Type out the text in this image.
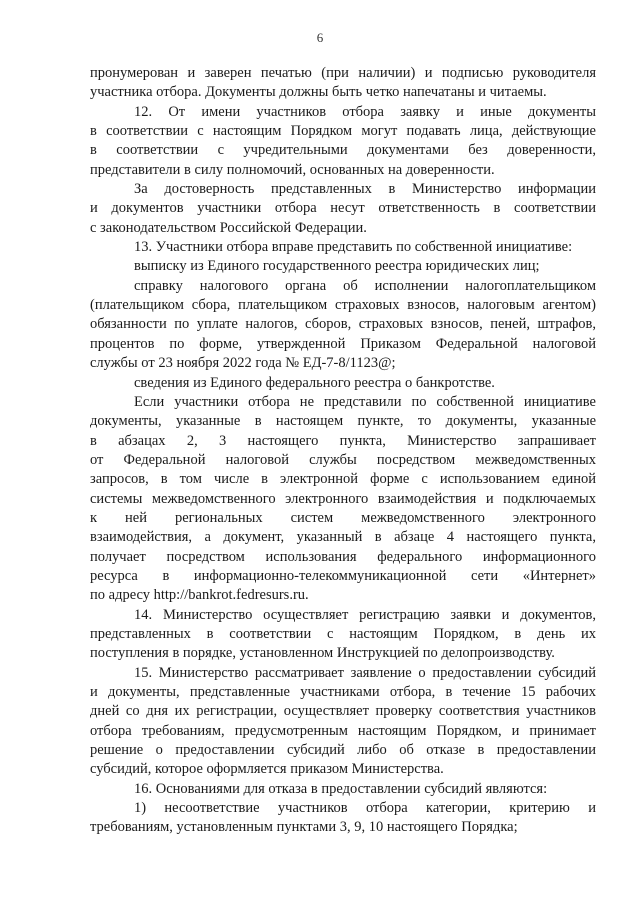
6
пронумерован и заверен печатью (при наличии) и подписью руководителя
участника отбора. Документы должны быть четко напечатаны и читаемы.
12. От имени участников отбора заявку и иные документы
в соответствии с настоящим Порядком могут подавать лица, действующие
в соответствии с учредительными документами без доверенности,
представители в силу полномочий, основанных на доверенности.
За достоверность представленных в Министерство информации
и документов участники отбора несут ответственность в соответствии
с законодательством Российской Федерации.
13. Участники отбора вправе представить по собственной инициативе:
выписку из Единого государственного реестра юридических лиц;
справку налогового органа об исполнении налогоплательщиком
(плательщиком сбора, плательщиком страховых взносов, налоговым агентом)
обязанности по уплате налогов, сборов, страховых взносов, пеней, штрафов,
процентов по форме, утвержденной Приказом Федеральной налоговой
службы от 23 ноября 2022 года № ЕД-7-8/1123@;
сведения из Единого федерального реестра о банкротстве.
Если участники отбора не представили по собственной инициативе
документы, указанные в настоящем пункте, то документы, указанные
в абзацах 2, 3 настоящего пункта, Министерство запрашивает
от Федеральной налоговой службы посредством межведомственных
запросов, в том числе в электронной форме с использованием единой
системы межведомственного электронного взаимодействия и подключаемых
к ней региональных систем межведомственного электронного
взаимодействия, а документ, указанный в абзаце 4 настоящего пункта,
получает посредством использования федерального информационного
ресурса в информационно-телекоммуникационной сети «Интернет»
по адресу http://bankrot.fedresurs.ru.
14. Министерство осуществляет регистрацию заявки и документов,
представленных в соответствии с настоящим Порядком, в день их
поступления в порядке, установленном Инструкцией по делопроизводству.
15. Министерство рассматривает заявление о предоставлении субсидий
и документы, представленные участниками отбора, в течение 15 рабочих
дней со дня их регистрации, осуществляет проверку соответствия участников
отбора требованиям, предусмотренным настоящим Порядком, и принимает
решение о предоставлении субсидий либо об отказе в предоставлении
субсидий, которое оформляется приказом Министерства.
16. Основаниями для отказа в предоставлении субсидий являются:
1) несоответствие участников отбора категории, критерию и
требованиям, установленным пунктами 3, 9, 10 настоящего Порядка;
